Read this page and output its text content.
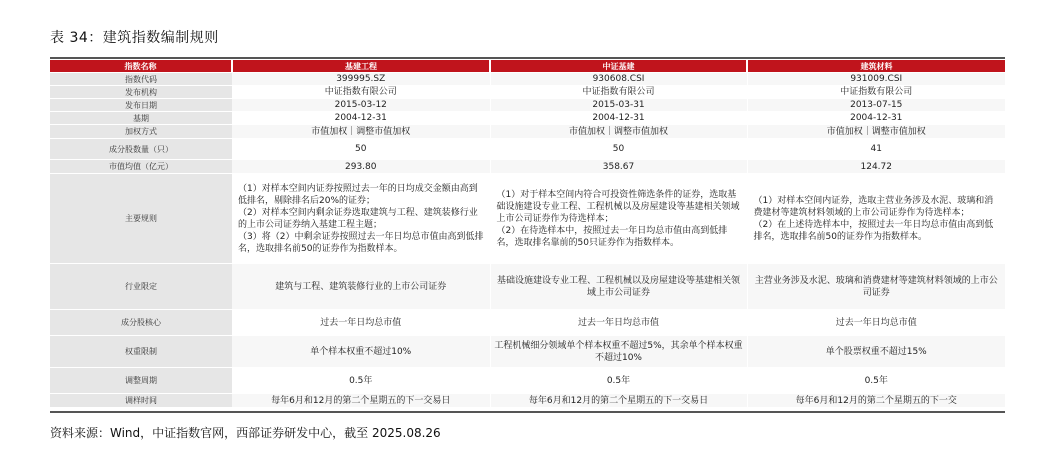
表 34：建筑指数编制规则
指数名称	基建工程	中证基建	建筑材料
指数代码	399995.SZ	930608.CSI	931009.CSI
发布机构	中证指数有限公司	中证指数有限公司	中证指数有限公司
发布日期	2015-03-12	2015-03-31	2013-07-15
基期	2004-12-31	2004-12-31	2004-12-31
加权方式	市值加权｜调整市值加权	市值加权｜调整市值加权	市值加权｜调整市值加权
成分股数量（只）	50	50	41
市值均值（亿元）	293.80	358.67	124.72
主要规则	（1）对样本空间内证券按照过去一年的日均成交金额由高到低排名，剔除排名后20%的证券；
（2）对样本空间内剩余证券选取建筑与工程、建筑装修行业的上市公司证券纳入基建工程主题；
（3）将（2）中剩余证券按照过去一年日均总市值由高到低排名，选取排名前50的证券作为指数样本。	（1）对于样本空间内符合可投资性筛选条件的证券，选取基础设施建设专业工程、工程机械以及房屋建设等基建相关领域上市公司证券作为待选样本；
（2）在待选样本中，按照过去一年日均总市值由高到低排名，选取排名靠前的50只证券作为指数样本。	（1）对样本空间内证券，选取主营业务涉及水泥、玻璃和消费建材等建筑材料领域的上市公司证券作为待选样本；
（2）在上述待选样本中，按照过去一年日均总市值由高到低排名，选取排名前50的证券作为指数样本。
行业限定	建筑与工程、建筑装修行业的上市公司证券	基础设施建设专业工程、工程机械以及房屋建设等基建相关领域上市公司证券	主营业务涉及水泥、玻璃和消费建材等建筑材料领域的上市公司证券
成分股核心	过去一年日均总市值	过去一年日均总市值	过去一年日均总市值
权重限制	单个样本权重不超过10%	工程机械细分领域单个样本权重不超过5%，其余单个样本权重不超过10%	单个股票权重不超过15%
调整周期	0.5年	0.5年	0.5年
调样时间	每年6月和12月的第二个星期五的下一交易日	每年6月和12月的第二个星期五的下一交易日	每年6月和12月的第二个星期五的下一交
资料来源：Wind，中证指数官网，西部证券研发中心，截至 2025.08.26
